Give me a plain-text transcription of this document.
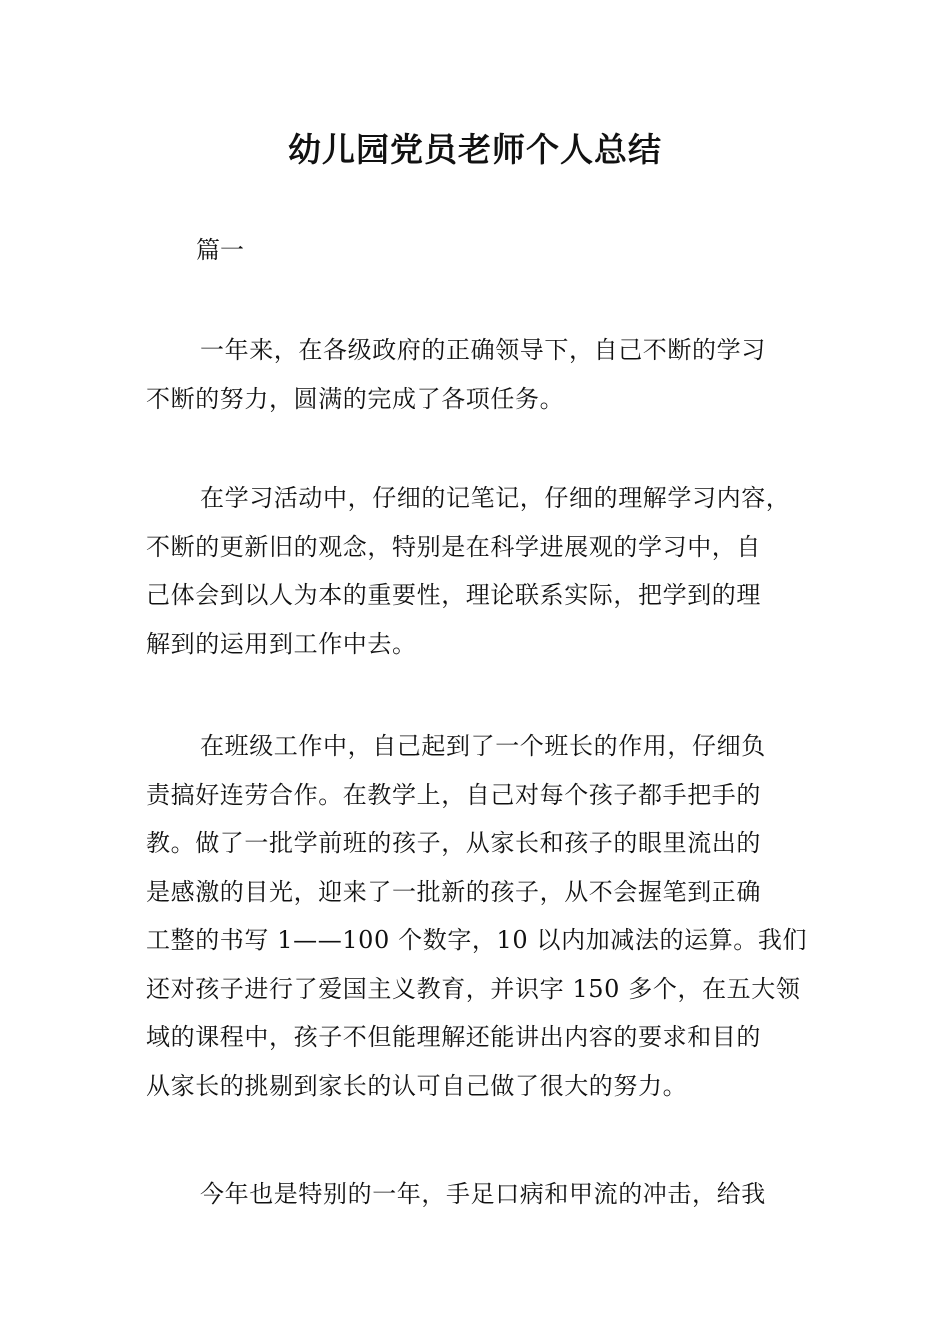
幼儿园党员老师个人总结
篇一

一年来，在各级政府的正确领导下，自己不断的学习
不断的努力，圆满的完成了各项任务。

在学习活动中，仔细的记笔记，仔细的理解学习内容，
不断的更新旧的观念，特别是在科学进展观的学习中，自
己体会到以人为本的重要性，理论联系实际，把学到的理
解到的运用到工作中去。

在班级工作中，自己起到了一个班长的作用，仔细负
责搞好连劳合作。在教学上，自己对每个孩子都手把手的
教。做了一批学前班的孩子，从家长和孩子的眼里流出的
是感激的目光，迎来了一批新的孩子，从不会握笔到正确
工整的书写 1——100 个数字，10 以内加减法的运算。我们
还对孩子进行了爱国主义教育，并识字 150 多个，在五大领
域的课程中，孩子不但能理解还能讲出内容的要求和目的
从家长的挑剔到家长的认可自己做了很大的努力。

今年也是特别的一年，手足口病和甲流的冲击，给我
